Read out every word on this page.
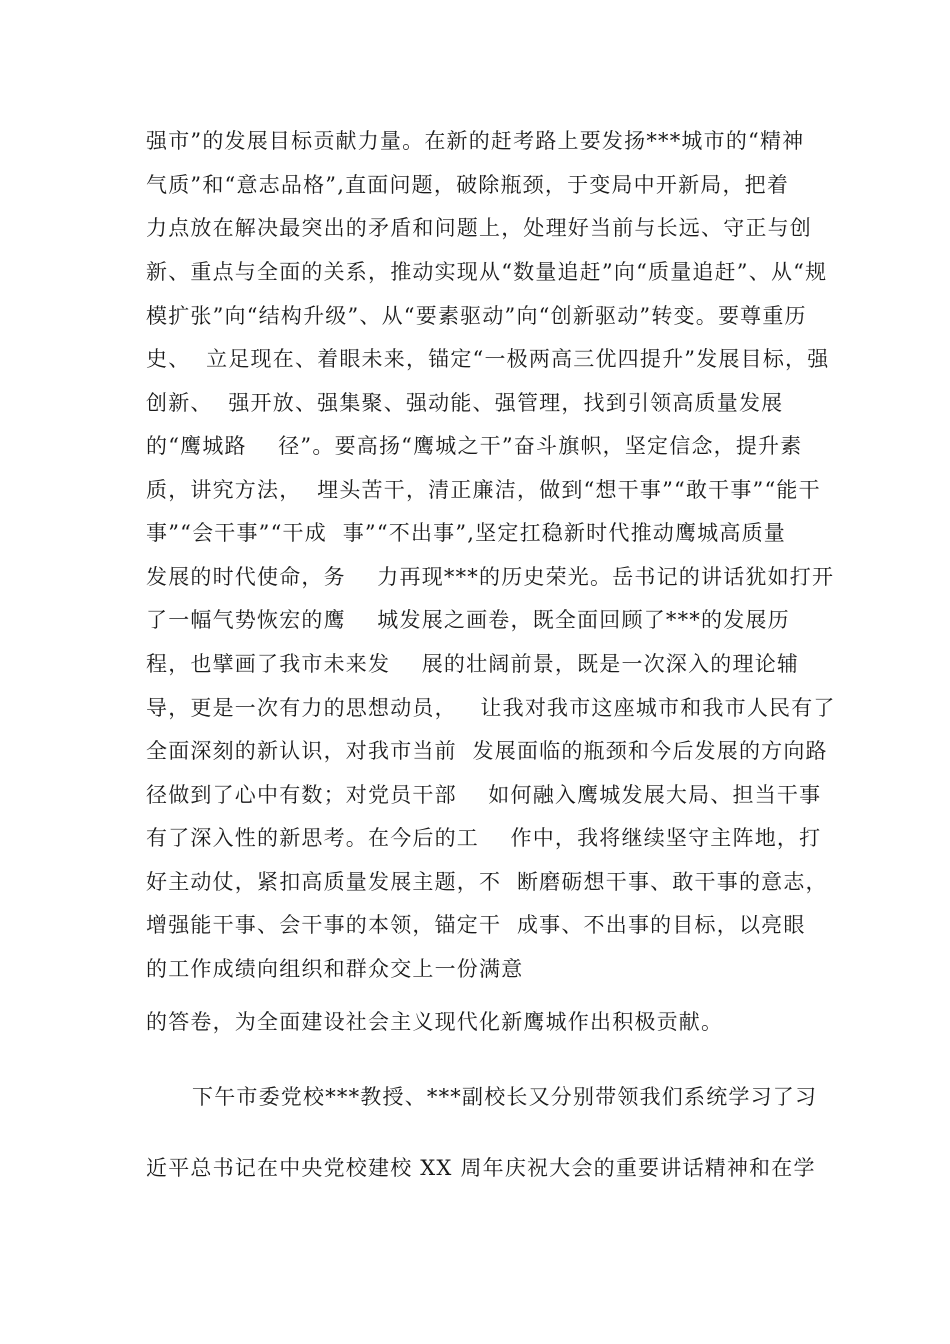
强市”的发展目标贡献力量。在新的赶考路上要发扬***城市的“精神
气质”和“意志品格”,直面问题，破除瓶颈，于变局中开新局，把着
力点放在解决最突出的矛盾和问题上，处理好当前与长远、守正与创
新、重点与全面的关系，推动实现从“数量追赶”向“质量追赶”、从“规
模扩张”向“结构升级”、从“要素驱动”向“创新驱动”转变。要尊重历
史、  立足现在、着眼未来，锚定“一极两高三优四提升”发展目标，强
创新、  强开放、强集聚、强动能、强管理，找到引领高质量发展
的“鹰城路    径”。要高扬“鹰城之干”奋斗旗帜，坚定信念，提升素
质，讲究方法，  埋头苦干，清正廉洁，做到“想干事”“敢干事”“能干
事”“会干事”“干成  事”“不出事”,坚定扛稳新时代推动鹰城高质量
发展的时代使命，务    力再现***的历史荣光。岳书记的讲话犹如打开
了一幅气势恢宏的鹰    城发展之画卷，既全面回顾了***的发展历
程，也擘画了我市未来发    展的壮阔前景，既是一次深入的理论辅
导，更是一次有力的思想动员，   让我对我市这座城市和我市人民有了
全面深刻的新认识，对我市当前  发展面临的瓶颈和今后发展的方向路
径做到了心中有数；对党员干部    如何融入鹰城发展大局、担当干事
有了深入性的新思考。在今后的工    作中，我将继续坚守主阵地，打
好主动仗，紧扣高质量发展主题，不  断磨砺想干事、敢干事的意志，
增强能干事、会干事的本领，锚定干  成事、不出事的目标，以亮眼
的工作成绩向组织和群众交上一份满意
的答卷，为全面建设社会主义现代化新鹰城作出积极贡献。
下午市委党校***教授、***副校长又分别带领我们系统学习了习
近平总书记在中央党校建校 XX 周年庆祝大会的重要讲话精神和在学
